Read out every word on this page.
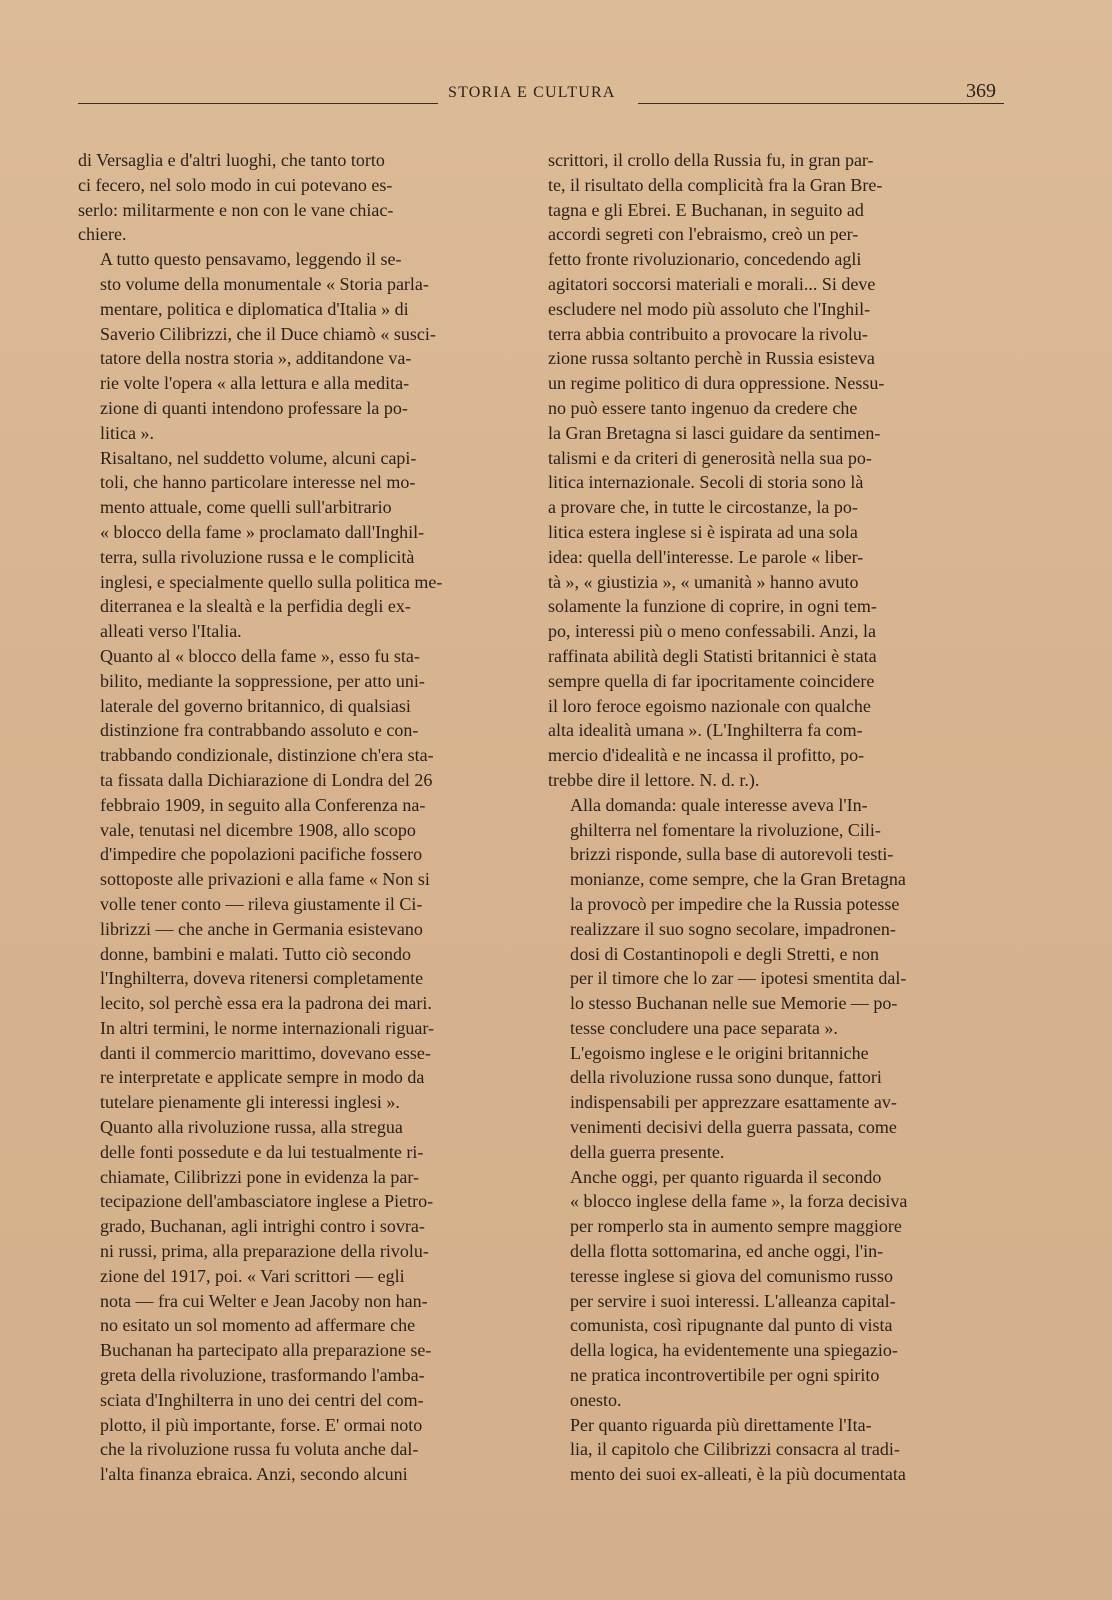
STORIA E CULTURA	369

di Versaglia e d'altri luoghi, che tanto torto
ci fecero, nel solo modo in cui potevano es-
serlo: militarmente e non con le vane chiac-
chiere.

A tutto questo pensavamo, leggendo il se-
sto volume della monumentale « Storia parla-
mentare, politica e diplomatica d'Italia » di
Saverio Cilibrizzi, che il Duce chiamò « susci-
tatore della nostra storia », additandone va-
rie volte l'opera « alla lettura e alla medita-
zione di quanti intendono professare la po-
litica ».

Risaltano, nel suddetto volume, alcuni capi-
toli, che hanno particolare interesse nel mo-
mento attuale, come quelli sull'arbitrario
« blocco della fame » proclamato dall'Inghil-
terra, sulla rivoluzione russa e le complicità
inglesi, e specialmente quello sulla politica me-
diterranea e la slealtà e la perfidia degli ex-
alleati verso l'Italia.

Quanto al « blocco della fame », esso fu sta-
bilito, mediante la soppressione, per atto uni-
laterale del governo britannico, di qualsiasi
distinzione fra contrabbando assoluto e con-
trabbando condizionale, distinzione ch'era sta-
ta fissata dalla Dichiarazione di Londra del 26
febbraio 1909, in seguito alla Conferenza na-
vale, tenutasi nel dicembre 1908, allo scopo
d'impedire che popolazioni pacifiche fossero
sottoposte alle privazioni e alla fame « Non si
volle tener conto — rileva giustamente il Ci-
librizzi — che anche in Germania esistevano
donne, bambini e malati. Tutto ciò secondo
l'Inghilterra, doveva ritenersi completamente
lecito, sol perchè essa era la padrona dei mari.
In altri termini, le norme internazionali riguar-
danti il commercio marittimo, dovevano esse-
re interpretate e applicate sempre in modo da
tutelare pienamente gli interessi inglesi ».

Quanto alla rivoluzione russa, alla stregua
delle fonti possedute e da lui testualmente ri-
chiamate, Cilibrizzi pone in evidenza la par-
tecipazione dell'ambasciatore inglese a Pietro-
grado, Buchanan, agli intrighi contro i sovra-
ni russi, prima, alla preparazione della rivolu-
zione del 1917, poi. « Vari scrittori — egli
nota — fra cui Welter e Jean Jacoby non han-
no esitato un sol momento ad affermare che
Buchanan ha partecipato alla preparazione se-
greta della rivoluzione, trasformando l'amba-
sciata d'Inghilterra in uno dei centri del com-
plotto, il più importante, forse. E' ormai noto
che la rivoluzione russa fu voluta anche dal-
l'alta finanza ebraica. Anzi, secondo alcuni

scrittori, il crollo della Russia fu, in gran par-
te, il risultato della complicità fra la Gran Bre-
tagna e gli Ebrei. E Buchanan, in seguito ad
accordi segreti con l'ebraismo, creò un per-
fetto fronte rivoluzionario, concedendo agli
agitatori soccorsi materiali e morali... Si deve
escludere nel modo più assoluto che l'Inghil-
terra abbia contribuito a provocare la rivolu-
zione russa soltanto perchè in Russia esisteva
un regime politico di dura oppressione. Nessu-
no può essere tanto ingenuo da credere che
la Gran Bretagna si lasci guidare da sentimen-
talismi e da criteri di generosità nella sua po-
litica internazionale. Secoli di storia sono là
a provare che, in tutte le circostanze, la po-
litica estera inglese si è ispirata ad una sola
idea: quella dell'interesse. Le parole « liber-
tà », « giustizia », « umanità » hanno avuto
solamente la funzione di coprire, in ogni tem-
po, interessi più o meno confessabili. Anzi, la
raffinata abilità degli Statisti britannici è stata
sempre quella di far ipocritamente coincidere
il loro feroce egoismo nazionale con qualche
alta idealità umana ». (L'Inghilterra fa com-
mercio d'idealità e ne incassa il profitto, po-
trebbe dire il lettore. N. d. r.).

Alla domanda: quale interesse aveva l'In-
ghilterra nel fomentare la rivoluzione, Cili-
brizzi risponde, sulla base di autorevoli testi-
monianze, come sempre, che la Gran Bretagna
la provocò per impedire che la Russia potesse
realizzare il suo sogno secolare, impadronen-
dosi di Costantinopoli e degli Stretti, e non
per il timore che lo zar — ipotesi smentita dal-
lo stesso Buchanan nelle sue Memorie — po-
tesse concludere una pace separata ».

L'egoismo inglese e le origini britanniche
della rivoluzione russa sono dunque, fattori
indispensabili per apprezzare esattamente av-
venimenti decisivi della guerra passata, come
della guerra presente.

Anche oggi, per quanto riguarda il secondo
« blocco inglese della fame », la forza decisiva
per romperlo sta in aumento sempre maggiore
della flotta sottomarina, ed anche oggi, l'in-
teresse inglese si giova del comunismo russo
per servire i suoi interessi. L'alleanza capital-
comunista, così ripugnante dal punto di vista
della logica, ha evidentemente una spiegazio-
ne pratica incontrovertibile per ogni spirito
onesto.

Per quanto riguarda più direttamente l'Ita-
lia, il capitolo che Cilibrizzi consacra al tradi-
mento dei suoi ex-alleati, è la più documentata
